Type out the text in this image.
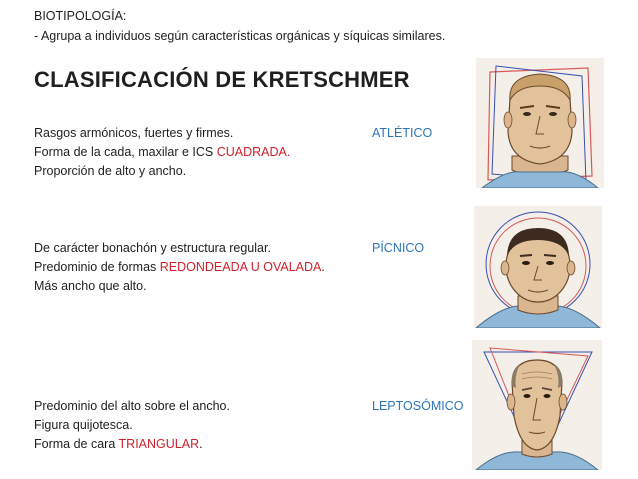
BIOTIPOLOGÍA:
- Agrupa a individuos según características orgánicas y síquicas similares.
CLASIFICACIÓN DE KRETSCHMER
Rasgos armónicos, fuertes y firmes.
Forma de la cada, maxilar e ICS CUADRADA.
Proporción de alto y ancho.
ATLÉTICO
De carácter bonachón y estructura regular.
Predominio de formas REDONDEADA U OVALADA.
Más ancho que alto.
PÍCNICO
Predominio del alto sobre el ancho.
Figura quijotesca.
Forma de cara TRIANGULAR.
LEPTOSÓMICO
